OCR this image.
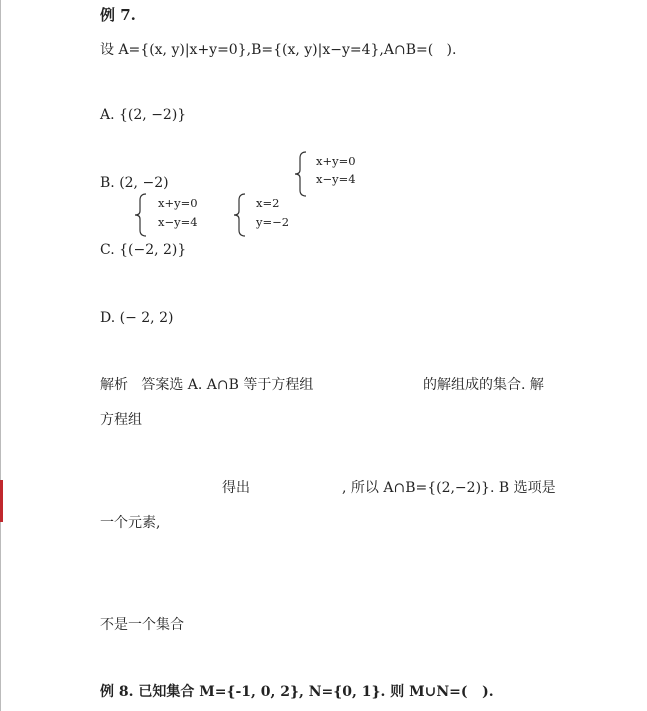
例 7.
设 A={(x, y)|x+y=0},B={(x, y)|x−y=4},A∩B=(   ).
A. {(2, −2)}
B. (2, −2)
C. {(−2, 2)}
D. (− 2, 2)
x+y=0
x−y=4
x+y=0
x−y=4
x=2
y=−2
解析   答案选 A. A∩B 等于方程组	的解组成的集合. 解
方程组
得出	, 所以 A∩B={(2,−2)}. B 选项是
一个元素,
不是一个集合
例 8. 已知集合 M={-1, 0, 2}, N={0, 1}. 则 M∪N=(   ).
